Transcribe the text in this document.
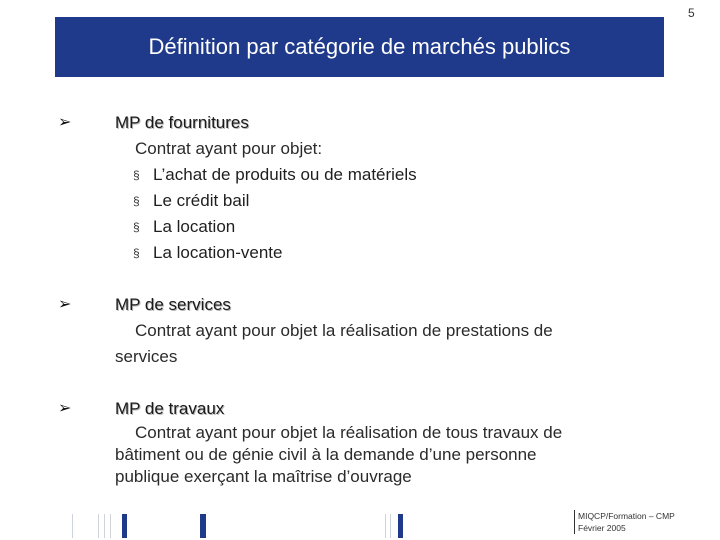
5
Définition par catégorie de marchés publics
➢	MP de fournitures
Contrat ayant pour objet:
§ L’achat de produits ou de matériels
§ Le crédit bail
§ La location
§ La location-vente
➢	MP de services
Contrat ayant pour objet la réalisation de prestations de
services
➢	MP de travaux
Contrat ayant pour objet la réalisation de tous travaux de
bâtiment ou de génie civil à la demande d’une personne
publique exerçant la maîtrise d’ouvrage
MIQCP/Formation – CMP
Février 2005
